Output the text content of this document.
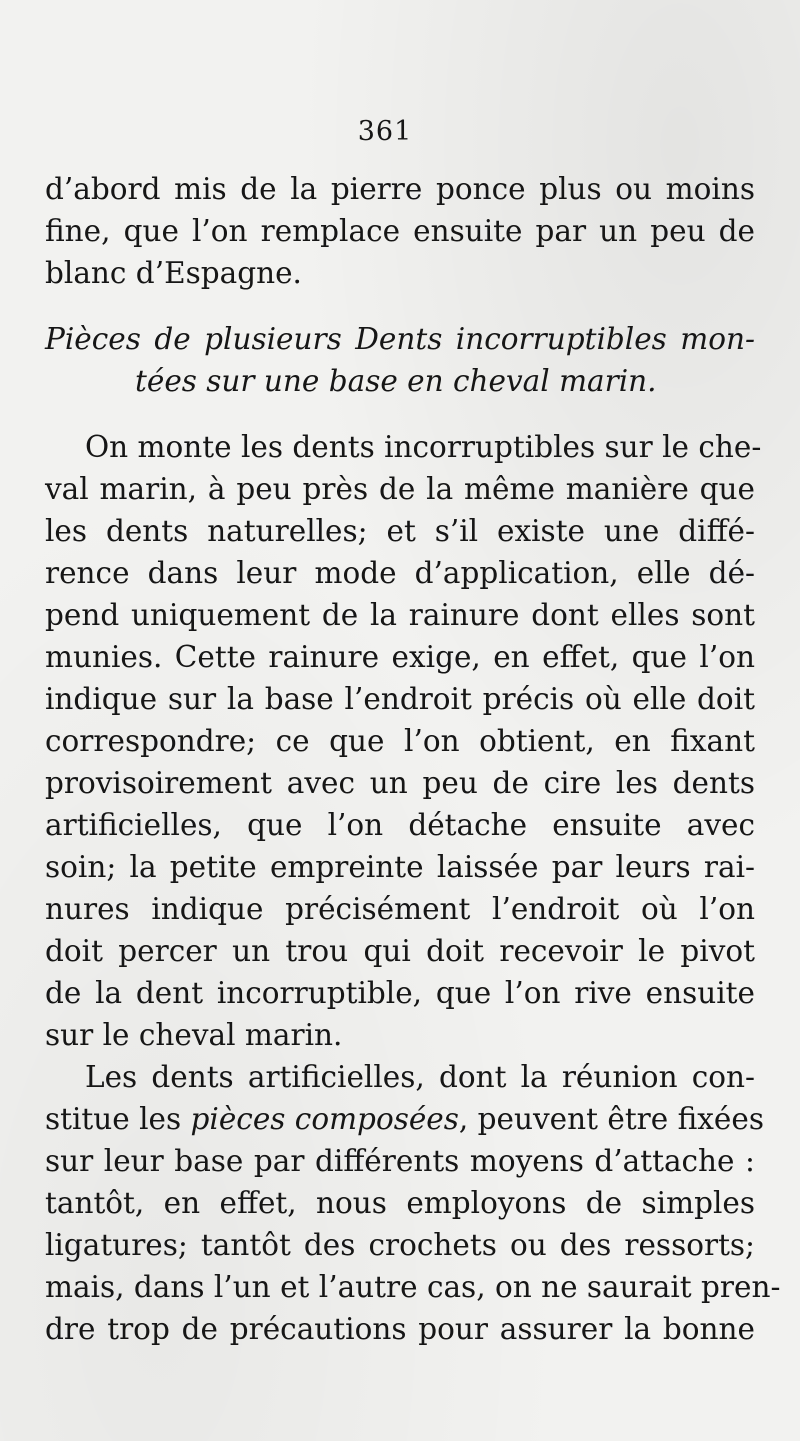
361
d’abord mis de la pierre ponce plus ou moins
fine, que l’on remplace ensuite par un peu de
blanc d’Espagne.
Pièces de plusieurs Dents incorruptibles mon-
tées sur une base en cheval marin.
On monte les dents incorruptibles sur le che-
val marin, à peu près de la même manière que
les dents naturelles; et s’il existe une diffé-
rence dans leur mode d’application, elle dé-
pend uniquement de la rainure dont elles sont
munies. Cette rainure exige, en effet, que l’on
indique sur la base l’endroit précis où elle doit
correspondre; ce que l’on obtient, en fixant
provisoirement avec un peu de cire les dents
artificielles, que l’on détache ensuite avec
soin; la petite empreinte laissée par leurs rai-
nures indique précisément l’endroit où l’on
doit percer un trou qui doit recevoir le pivot
de la dent incorruptible, que l’on rive ensuite
sur le cheval marin.
Les dents artificielles, dont la réunion con-
stitue les pièces composées, peuvent être fixées
sur leur base par différents moyens d’attache :
tantôt, en effet, nous employons de simples
ligatures; tantôt des crochets ou des ressorts;
mais, dans l’un et l’autre cas, on ne saurait pren-
dre trop de précautions pour assurer la bonne
